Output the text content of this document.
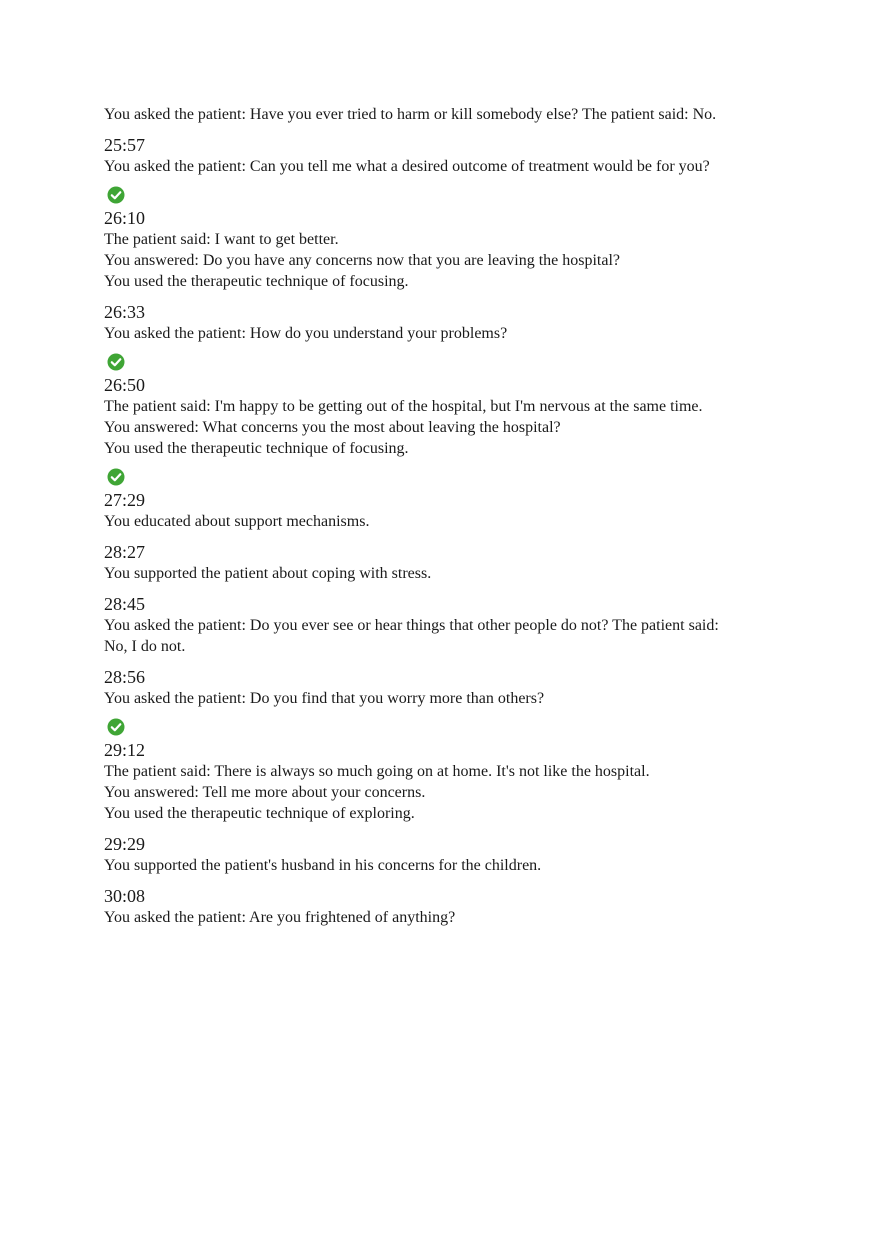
You asked the patient: Have you ever tried to harm or kill somebody else? The patient said: No.
25:57
You asked the patient: Can you tell me what a desired outcome of treatment would be for you?
26:10
The patient said: I want to get better.
You answered: Do you have any concerns now that you are leaving the hospital?
You used the therapeutic technique of focusing.
26:33
You asked the patient: How do you understand your problems?
26:50
The patient said: I'm happy to be getting out of the hospital, but I'm nervous at the same time.
You answered: What concerns you the most about leaving the hospital?
You used the therapeutic technique of focusing.
27:29
You educated about support mechanisms.
28:27
You supported the patient about coping with stress.
28:45
You asked the patient: Do you ever see or hear things that other people do not? The patient said: No, I do not.
28:56
You asked the patient: Do you find that you worry more than others?
29:12
The patient said: There is always so much going on at home. It's not like the hospital.
You answered: Tell me more about your concerns.
You used the therapeutic technique of exploring.
29:29
You supported the patient's husband in his concerns for the children.
30:08
You asked the patient: Are you frightened of anything?
